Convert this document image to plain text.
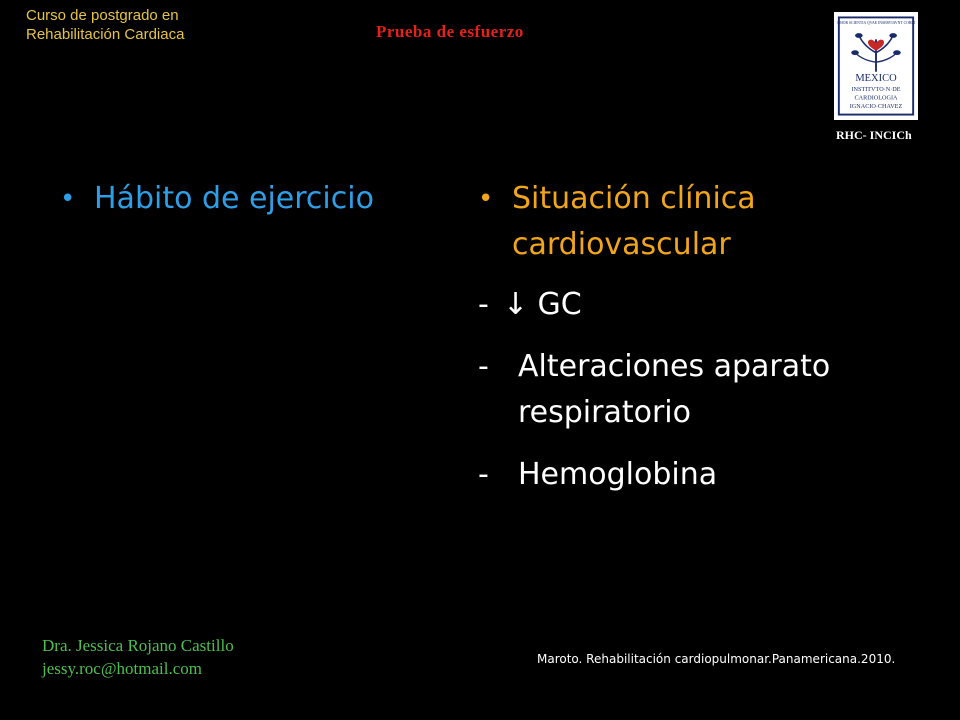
Curso de postgrado en
Rehabilitación Cardiaca	Prueba de esfuerzo	AMOR SCIENTIA QVAE INSERVIAVNT CORDI
MEXICO
INSTITVTO·N·DE
CARDIOLOGIA
IGNACIO·CHAVEZ
RHC- INCICh
• Hábito de ejercicio	• Situación clínica cardiovascular
- ↓ GC
- Alteraciones aparato respiratorio
- Hemoglobina
Dra. Jessica Rojano Castillo
jessy.roc@hotmail.com	Maroto. Rehabilitación cardiopulmonar.Panamericana.2010.
